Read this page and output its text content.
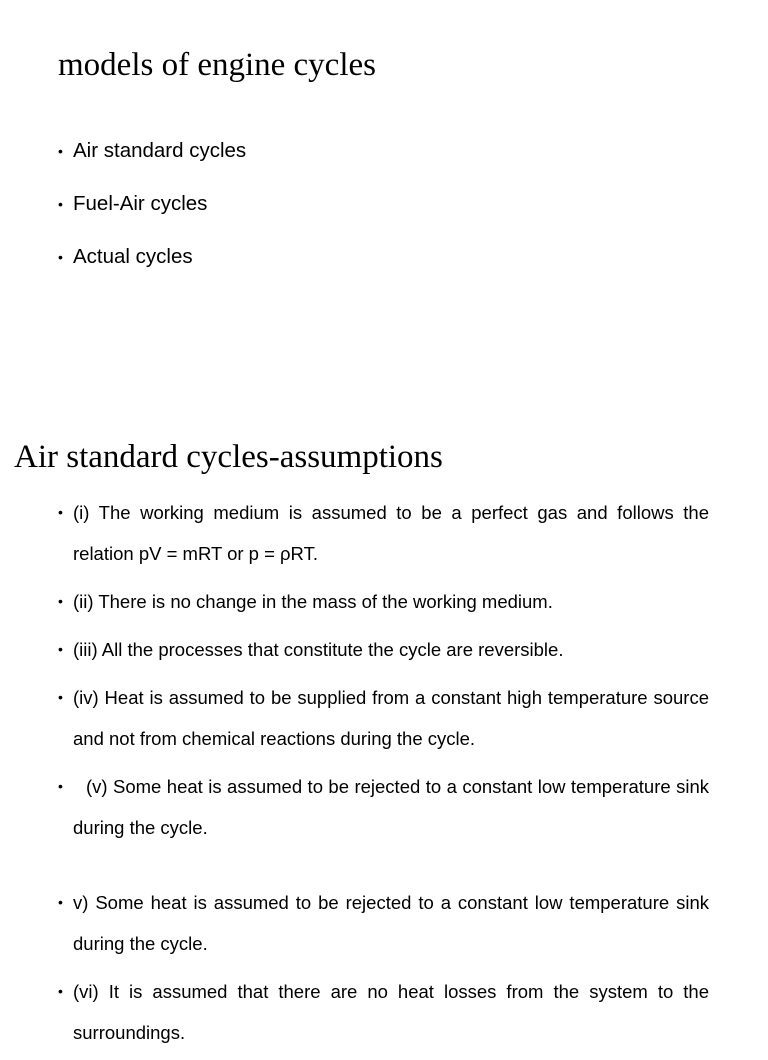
models of engine cycles
• Air standard cycles
• Fuel-Air cycles
• Actual cycles
Air standard cycles-assumptions
• (i) The working medium is assumed to be a perfect gas and follows the relation pV = mRT or p = ρRT.
• (ii) There is no change in the mass of the working medium.
• (iii) All the processes that constitute the cycle are reversible.
• (iv) Heat is assumed to be supplied from a constant high temperature source and not from chemical reactions during the cycle.
• (v) Some heat is assumed to be rejected to a constant low temperature sink during the cycle.
• v) Some heat is assumed to be rejected to a constant low temperature sink during the cycle.
• (vi) It is assumed that there are no heat losses from the system to the surroundings.
